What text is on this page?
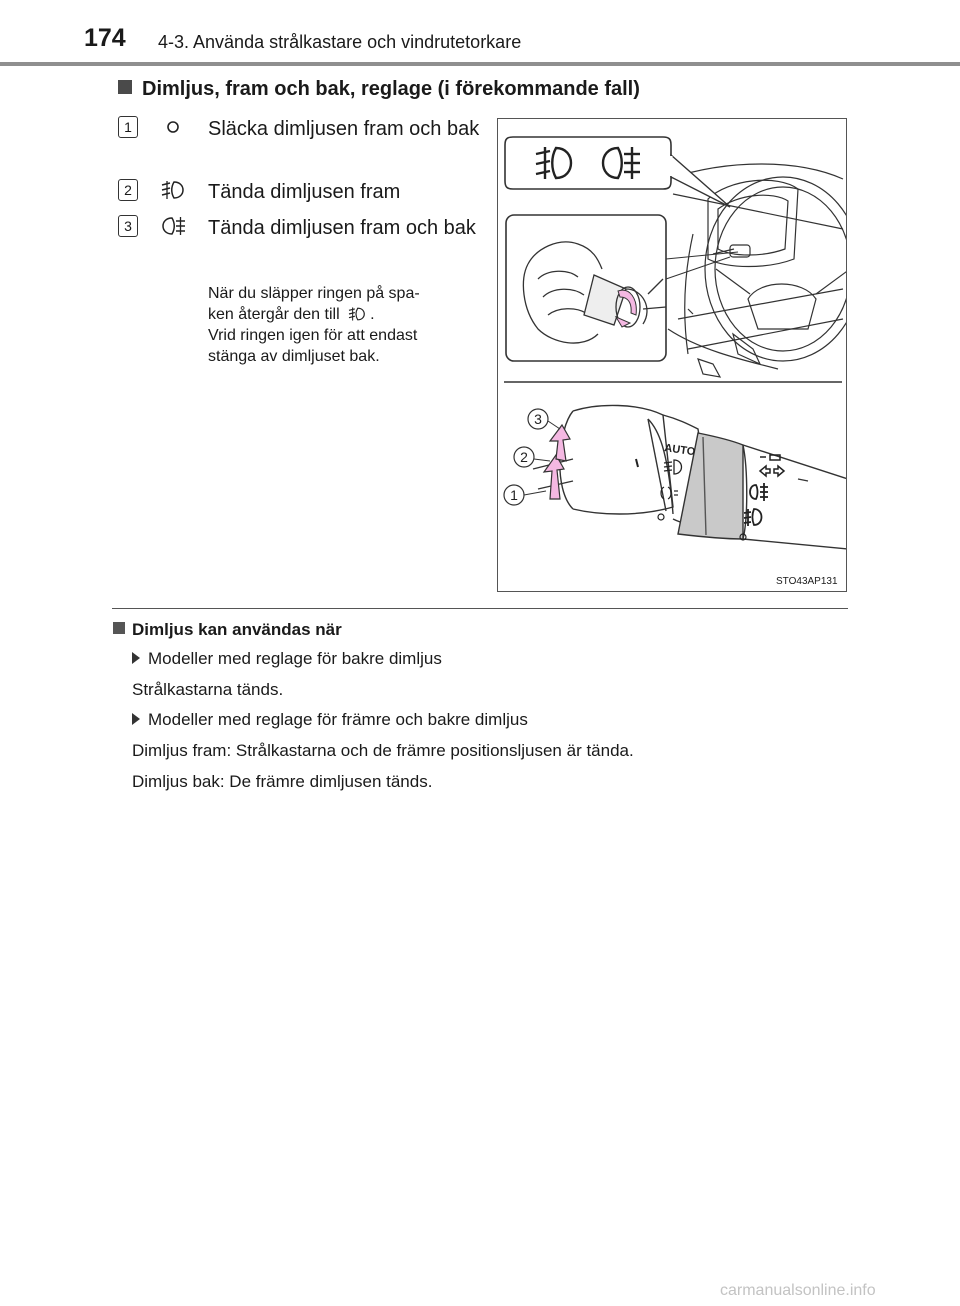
174 4-3. Använda strålkastare och vindrutetorkare
Dimljus, fram och bak, reglage (i förekommande fall)
1	Släcka dimljusen fram och bak
2	Tända dimljusen fram
3	Tända dimljusen fram och bak
När du släpper ringen på spa-
ken återgår den till .
Vrid ringen igen för att endast
stänga av dimljuset bak.
AUTO
3
2
1
STO43AP131
Dimljus kan användas när
Modeller med reglage för bakre dimljus
Strålkastarna tänds.
Modeller med reglage för främre och bakre dimljus
Dimljus fram: Strålkastarna och de främre positionsljusen är tända.
Dimljus bak: De främre dimljusen tänds.
carmanualsonline.info
